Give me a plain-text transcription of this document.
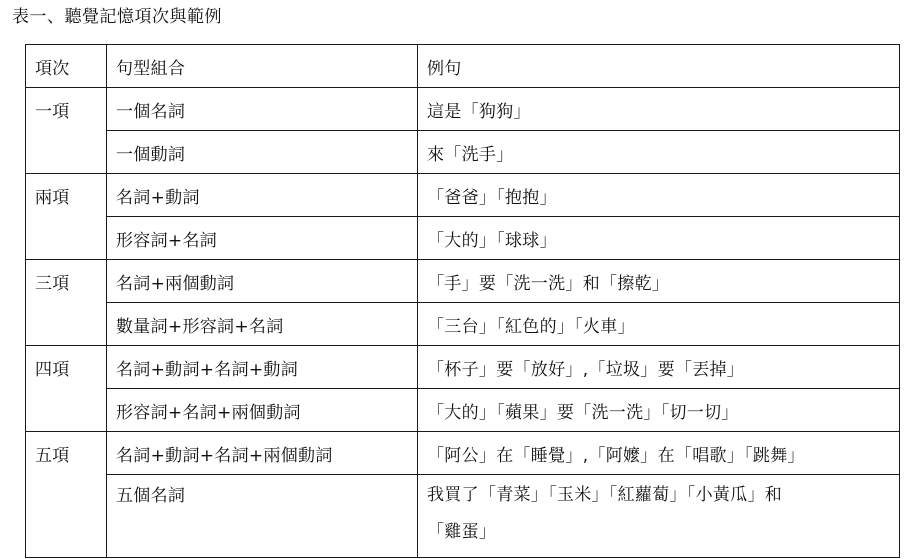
表一、聽覺記憶項次與範例
項次	句型組合	例句
一項	一個名詞	這是「狗狗」
	一個動詞	來「洗手」
兩項	名詞+動詞	「爸爸」「抱抱」
	形容詞+名詞	「大的」「球球」
三項	名詞+兩個動詞	「手」要「洗一洗」和「擦乾」
	數量詞+形容詞+名詞	「三台」「紅色的」「火車」
四項	名詞+動詞+名詞+動詞	「杯子」要「放好」,「垃圾」要「丟掉」
	形容詞+名詞+兩個動詞	「大的」「蘋果」要「洗一洗」「切一切」
五項	名詞+動詞+名詞+兩個動詞	「阿公」在「睡覺」,「阿嬤」在「唱歌」「跳舞」
	五個名詞	我買了「青菜」「玉米」「紅蘿蔔」「小黃瓜」和
「雞蛋」
